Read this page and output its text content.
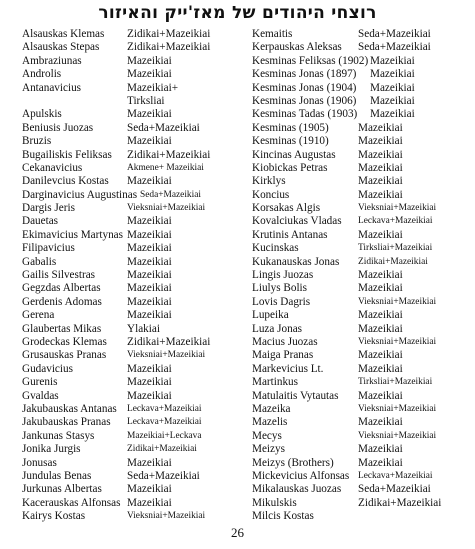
רוצחי היהודים של מאז'ייק והאיזור
Alsauskas Klemas Zidikai+Mazeikiai
Alsauskas Stepas Zidikai+Mazeikiai
Ambraziunas	Mazeikiai
Androlis	Mazeikiai
Antanavicius	Mazeikiai+
Tirksliai
Apulskis	Mazeikiai
Beniusis Juozas	Seda+Mazeikiai
Bruzis	Mazeikiai
Bugailiskis Feliksas Zidikai+Mazeikiai
Cekanavicius	Akmene+ Mazeikiai
Danilevcius Kostas Mazeikiai
Darginavicius Augustinas Seda+Mazeikiai
Dargis Jeris	Vieksniai+Mazeikiai
Dauetas	Mazeikiai
Ekimavicius Martynas Mazeikiai
Filipavicius	Mazeikiai
Gabalis	Mazeikiai
Gailis Silvestras	Mazeikiai
Gegzdas Albertas Mazeikiai
Gerdenis Adomas Mazeikiai
Gerena	Mazeikiai
Glaubertas Mikas Ylakiai
Grodeckas Klemas Zidikai+Mazeikiai
Grusauskas Pranas Vieksniai+Mazeikiai
Gudavicius	Mazeikiai
Gurenis	Mazeikiai
Gvaldas	Mazeikiai
Jakubauskas Antanas Leckava+Mazeikiai
Jakubauskas Pranas Leckava+Mazeikiai
Jankunas Stasys	Mazeikiai+Leckava
Jonika Jurgis	Zidikai+Mazeikiai
Jonusas	Mazeikiai
Jundulas Benas	Seda+Mazeikiai
Jurkunas Albertas Mazeikiai
Kacerauskas Alfonsas Mazeikiai
Kairys Kostas	Vieksniai+Mazeikiai
Kemaitis	Seda+Mazeikiai
Kerpauskas Aleksas Seda+Mazeikiai
Kesminas Feliksas (1902) Mazeikiai
Kesminas Jonas (1897) Mazeikiai
Kesminas Jonas (1904) Mazeikiai
Kesminas Jonas (1906) Mazeikiai
Kesminas Tadas (1903) Mazeikiai
Kesminas (1905)	Mazeikiai
Kesminas (1910)	Mazeikiai
Kincinas Augustas Mazeikiai
Kiobickas Petras	Mazeikiai
Kirklys	Mazeikiai
Koncius	Mazeikiai
Korsakas Algis	Vieksniai+Mazeikiai
Kovalciukas Vladas Leckava+Mazeikiai
Krutinis Antanas	Mazeikiai
Kucinskas	Tirksliai+Mazeikiai
Kukanauskas Jonas Zidikai+Mazeikiai
Lingis Juozas	Mazeikiai
Liulys Bolis	Mazeikiai
Lovis Dagris	Vieksniai+Mazeikiai
Lupeika	Mazeikiai
Luza Jonas	Mazeikiai
Macius Juozas	Vieksniai+Mazeikiai
Maiga Pranas	Mazeikiai
Markevicius Lt.	Mazeikiai
Martinkus	Tirksliai+Mazeikiai
Matulaitis Vytautas Mazeikiai
Mazeika	Vieksniai+Mazeikiai
Mazelis	Mazeikiai
Mecys	Vieksniai+Mazeikiai
Meizys	Mazeikiai
Meizys (Brothers) Mazeikiai
Mickevicius Alfonsas Leckava+Mazeikiai
Mikalauskas Juozas Seda+Mazeikiai
Mikulskis	Zidikai+Mazeikiai
Milcis Kostas
26
